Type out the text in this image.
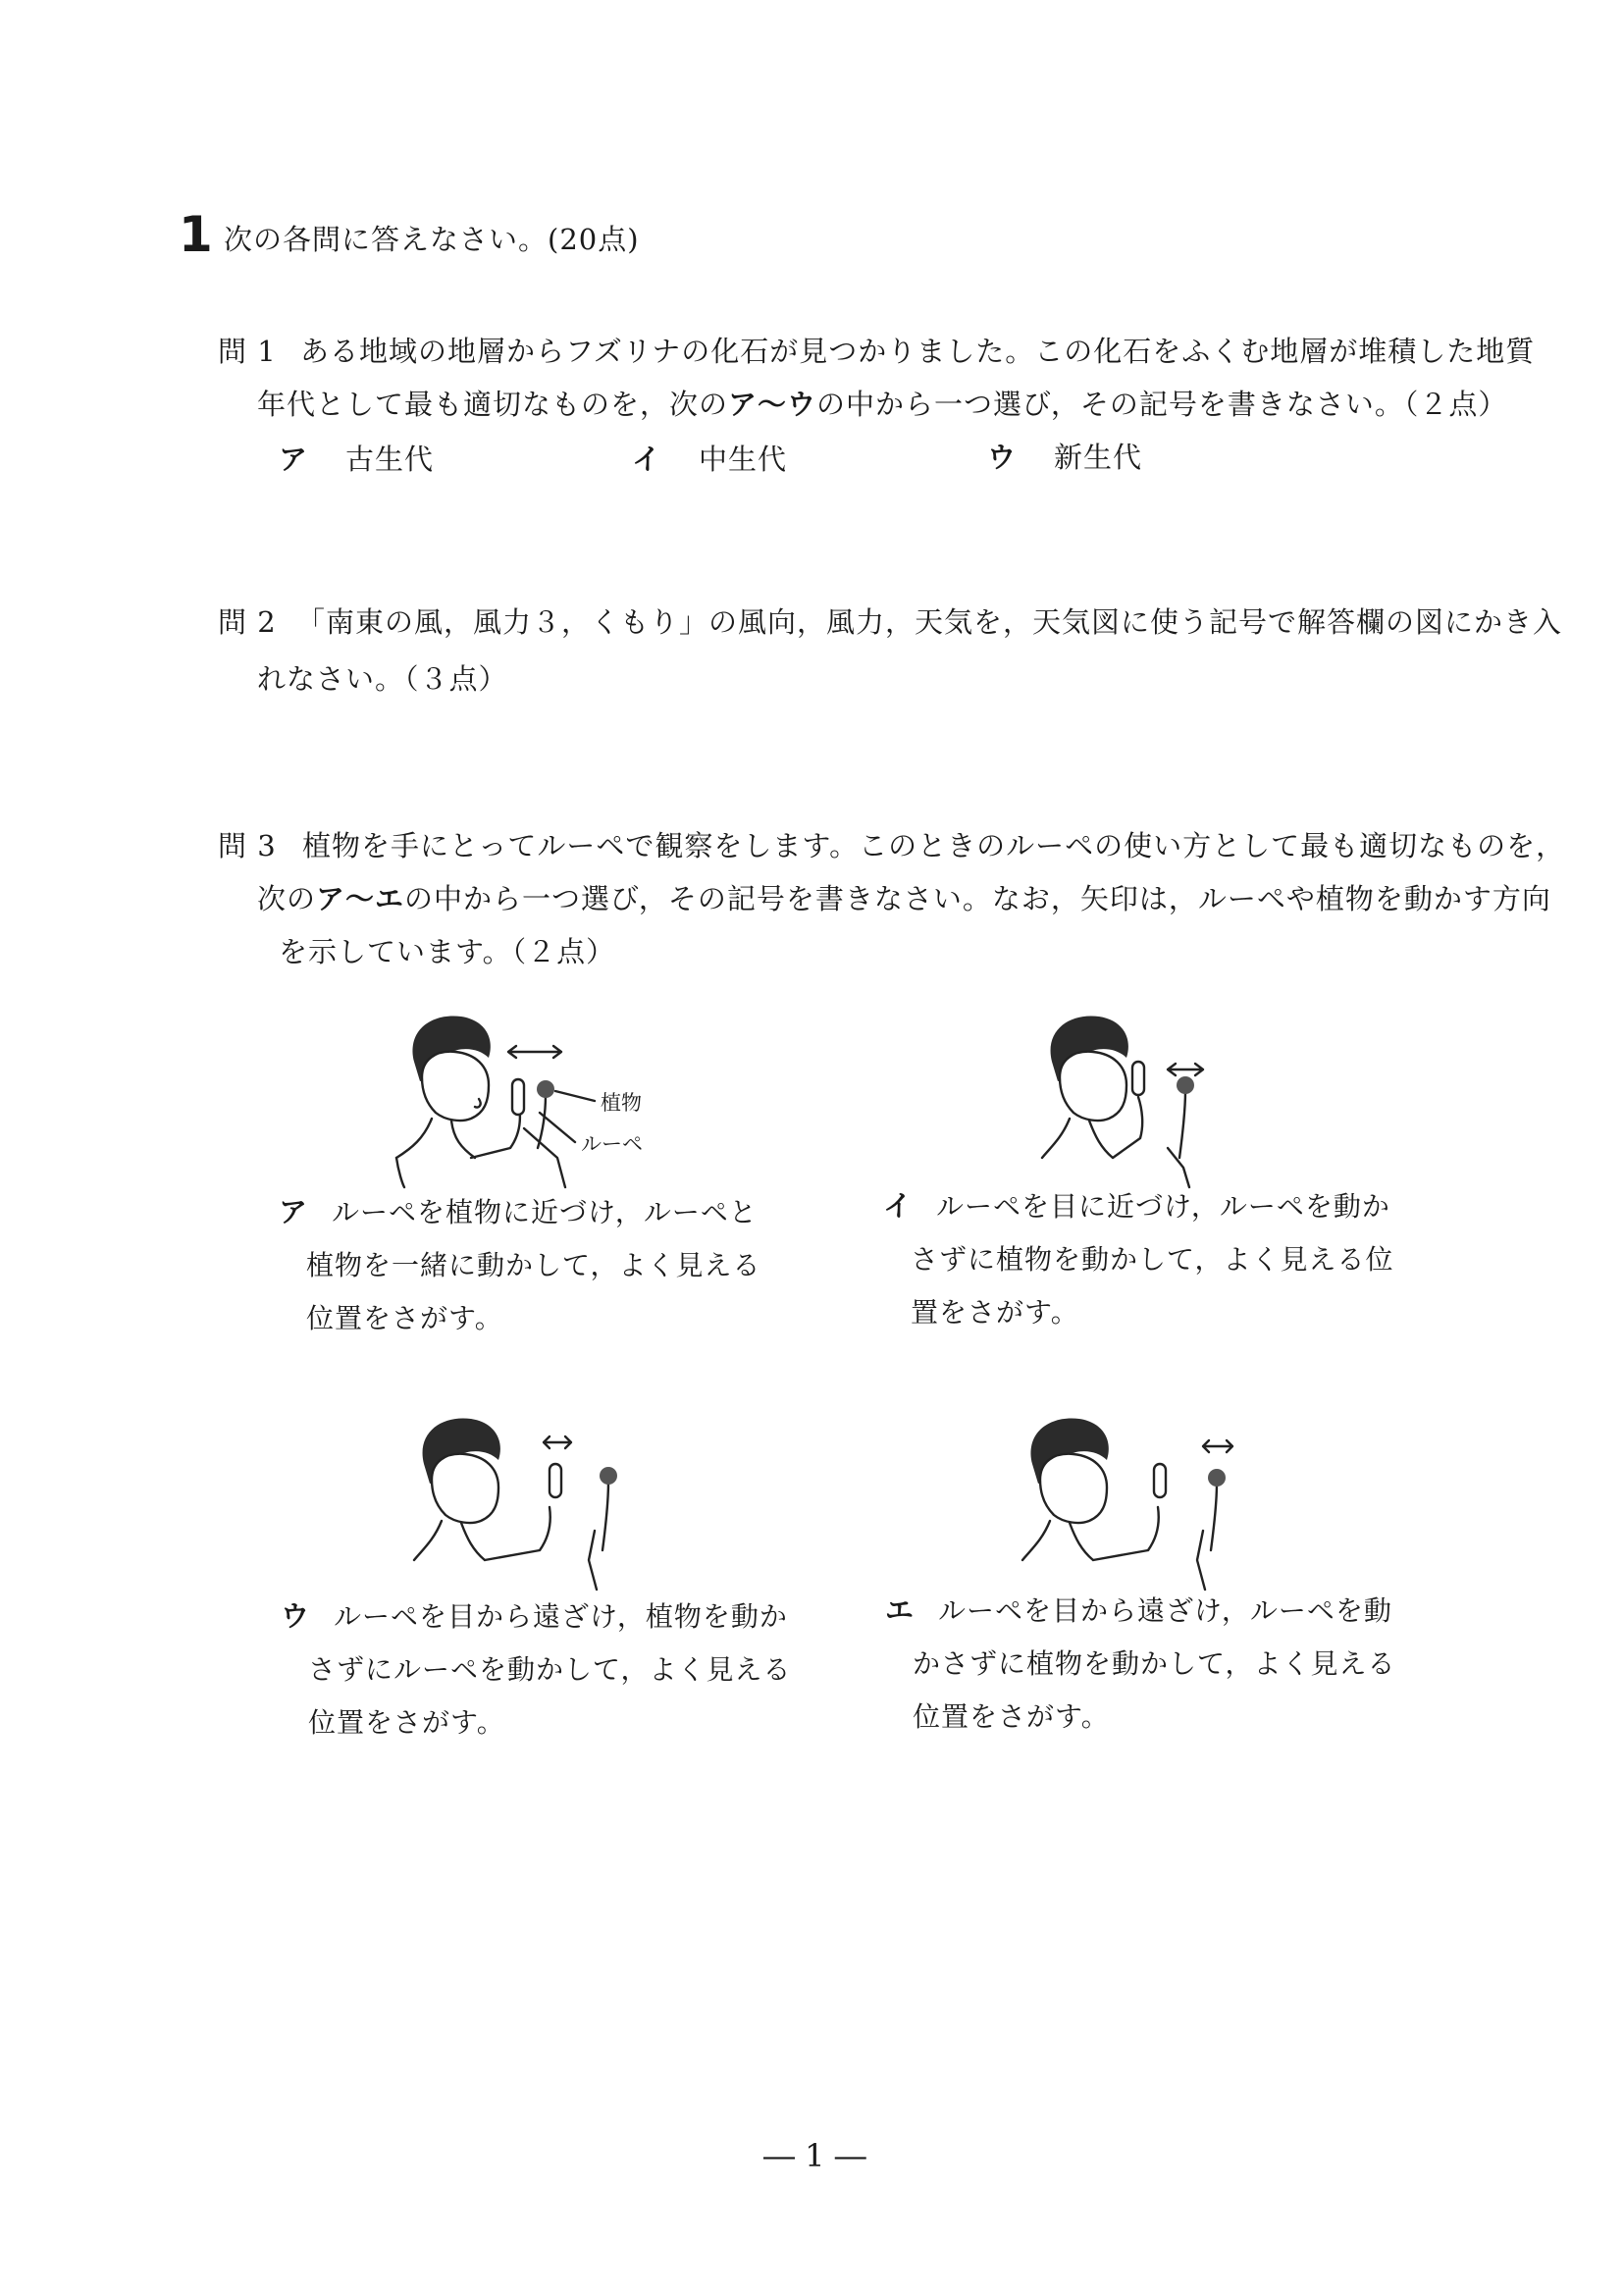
1 次の各問に答えなさい。(20点)
問 1 ある地域の地層からフズリナの化石が見つかりました。この化石をふくむ地層が堆積した地質
年代として最も適切なものを，次のア～ウの中から一つ選び，その記号を書きなさい。（２点）
ア 古生代	イ 中生代	ウ 新生代
問 2 「南東の風，風力３，くもり」の風向，風力，天気を，天気図に使う記号で解答欄の図にかき入
れなさい。（３点）
問 3 植物を手にとってルーペで観察をします。このときのルーペの使い方として最も適切なものを，
次のア～エの中から一つ選び，その記号を書きなさい。なお，矢印は，ルーペや植物を動かす方向
を示しています。（２点）
植物
ルーペ
ア ルーペを植物に近づけ，ルーペと
植物を一緒に動かして，よく見える
位置をさがす。
イ ルーペを目に近づけ，ルーペを動か
さずに植物を動かして，よく見える位
置をさがす。
ウ ルーペを目から遠ざけ，植物を動か
さずにルーペを動かして，よく見える
位置をさがす。
エ ルーペを目から遠ざけ，ルーペを動
かさずに植物を動かして，よく見える
位置をさがす。
― 1 ―
